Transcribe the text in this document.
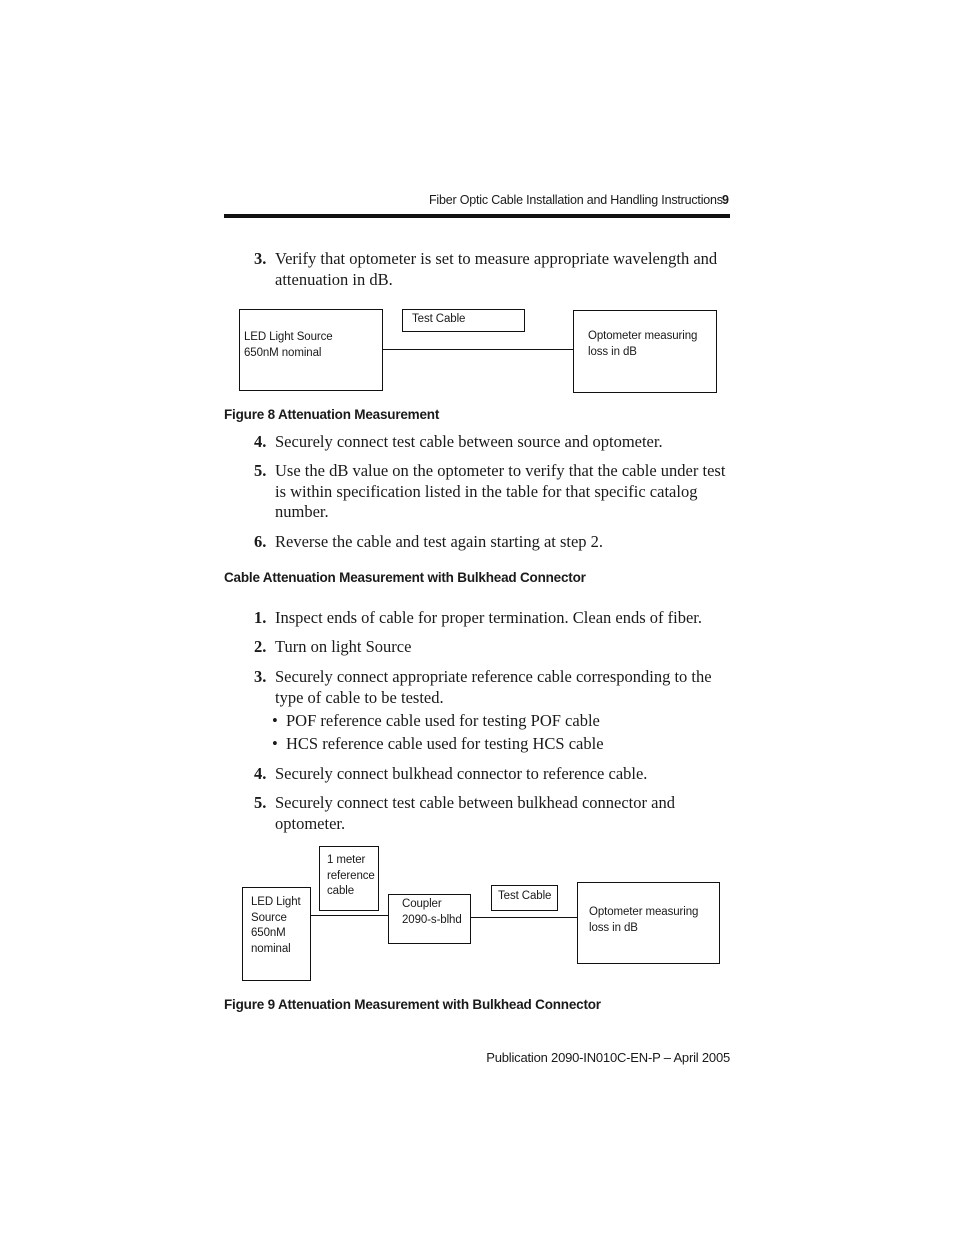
Fiber Optic Cable Installation and Handling Instructions 9
3. Verify that optometer is set to measure appropriate wavelength and attenuation in dB.
LED Light Source
650nM nominal
Test Cable
Optometer measuring
loss in dB
Figure 8 Attenuation Measurement
4. Securely connect test cable between source and optometer.
5. Use the dB value on the optometer to verify that the cable under test is within specification listed in the table for that specific catalog number.
6. Reverse the cable and test again starting at step 2.
Cable Attenuation Measurement with Bulkhead Connector
1. Inspect ends of cable for proper termination. Clean ends of fiber.
2. Turn on light Source
3. Securely connect appropriate reference cable corresponding to the type of cable to be tested.
• POF reference cable used for testing POF cable
• HCS reference cable used for testing HCS cable
4. Securely connect bulkhead connector to reference cable.
5. Securely connect test cable between bulkhead connector and optometer.
LED Light
Source
650nM
nominal
1 meter
reference
cable
Coupler
2090-s-blhd
Test Cable
Optometer measuring
loss in dB
Figure 9 Attenuation Measurement with Bulkhead Connector
Publication 2090-IN010C-EN-P – April 2005
